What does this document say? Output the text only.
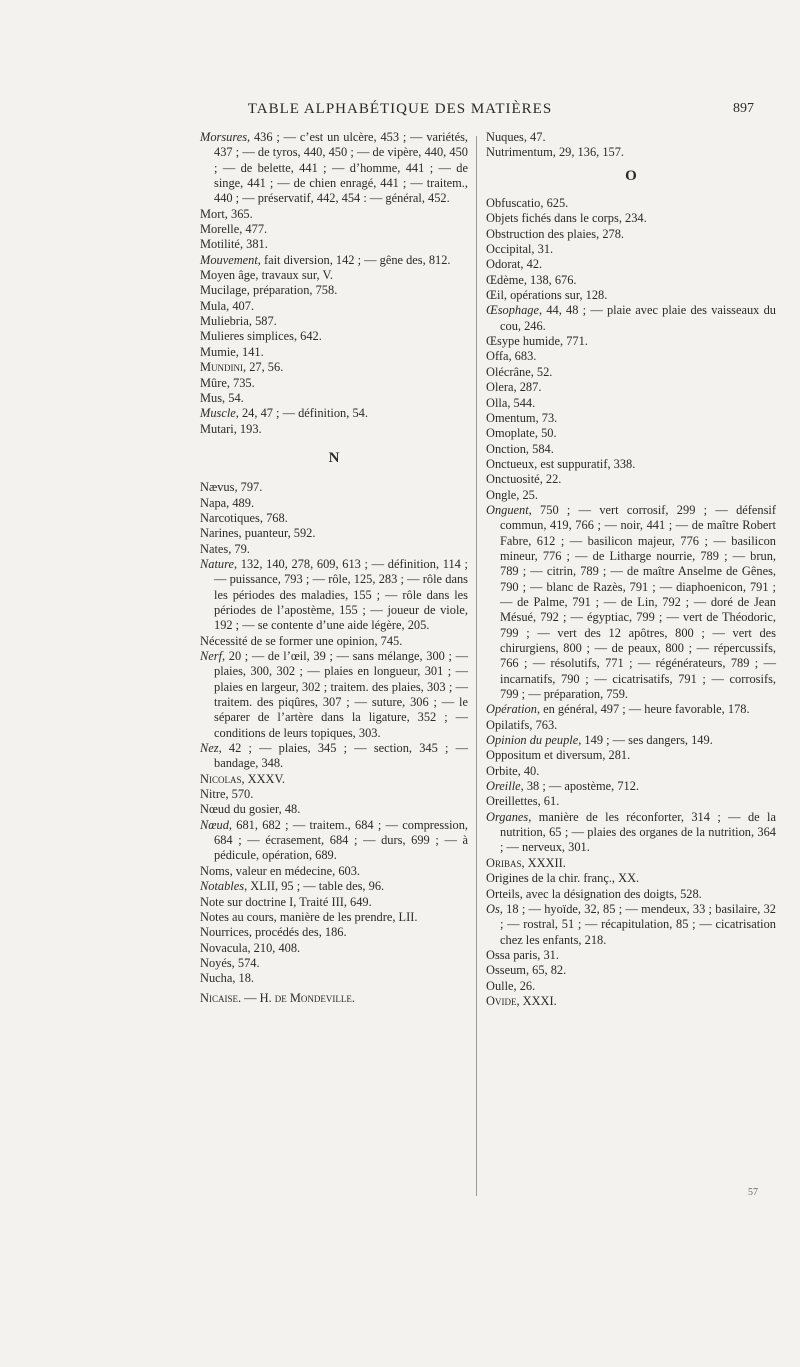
TABLE ALPHABÉTIQUE DES MATIÈRES	897

Morsures, 436 ; — c’est un ulcère, 453 ; — variétés, 437 ; — de tyros, 440, 450 ; — de vipère, 440, 450 ; — de belette, 441 ; — d’homme, 441 ; — de singe, 441 ; — de chien enragé, 441 ; — traitem., 440 ; — préservatif, 442, 454 : — général, 452.

Mort, 365.

Morelle, 477.

Motilité, 381.

Mouvement, fait diversion, 142 ; — gêne des, 812.

Moyen âge, travaux sur, V.

Mucilage, préparation, 758.

Mula, 407.

Muliebria, 587.

Mulieres simplices, 642.

Mumie, 141.

Mundini, 27, 56.

Mûre, 735.

Mus, 54.

Muscle, 24, 47 ; — définition, 54.

Mutari, 193.

N

Nævus, 797.

Napa, 489.

Narcotiques, 768.

Narines, puanteur, 592.

Nates, 79.

Nature, 132, 140, 278, 609, 613 ; — définition, 114 ; — puissance, 793 ; — rôle, 125, 283 ; — rôle dans les périodes des maladies, 155 ; — rôle dans les périodes de l’apostème, 155 ; — joueur de viole, 192 ; — se contente d’une aide légère, 205.

Nécessité de se former une opinion, 745.

Nerf, 20 ; — de l’œil, 39 ; — sans mélange, 300 ; — plaies, 300, 302 ; — plaies en longueur, 301 ; — plaies en largeur, 302 ; traitem. des plaies, 303 ; — traitem. des piqûres, 307 ; — suture, 306 ; — le séparer de l’artère dans la ligature, 352 ; — conditions de leurs topiques, 303.

Nez, 42 ; — plaies, 345 ; — section, 345 ; — bandage, 348.

Nicolas, XXXV.

Nitre, 570.

Nœud du gosier, 48.

Nœud, 681, 682 ; — traitem., 684 ; — compression, 684 ; — écrasement, 684 ; — durs, 699 ; — à pédicule, opération, 689.

Noms, valeur en médecine, 603.

Notables, XLII, 95 ; — table des, 96.

Note sur doctrine I, Traité III, 649.

Notes au cours, manière de les prendre, LII.

Nourrices, procédés des, 186.

Novacula, 210, 408.

Noyés, 574.

Nucha, 18.

Nicaise. — H. de Mondeville.

Nuques, 47.

Nutrimentum, 29, 136, 157.

O

Obfuscatio, 625.

Objets fichés dans le corps, 234.

Obstruction des plaies, 278.

Occipital, 31.

Odorat, 42.

Œdème, 138, 676.

Œil, opérations sur, 128.

Œsophage, 44, 48 ; — plaie avec plaie des vaisseaux du cou, 246.

Œsype humide, 771.

Offa, 683.

Olécrâne, 52.

Olera, 287.

Olla, 544.

Omentum, 73.

Omoplate, 50.

Onction, 584.

Onctueux, est suppuratif, 338.

Onctuosité, 22.

Ongle, 25.

Onguent, 750 ; — vert corrosif, 299 ; — défensif commun, 419, 766 ; — noir, 441 ; — de maître Robert Fabre, 612 ; — basilicon majeur, 776 ; — basilicon mineur, 776 ; — de Litharge nourrie, 789 ; — brun, 789 ; — citrin, 789 ; — de maître Anselme de Gênes, 790 ; — blanc de Razès, 791 ; — diaphoenicon, 791 ; — de Palme, 791 ; — de Lin, 792 ; — doré de Jean Mésué, 792 ; — égyptiac, 799 ; — vert de Théodoric, 799 ; — vert des 12 apôtres, 800 ; — vert des chirurgiens, 800 ; — de peaux, 800 ; — répercussifs, 766 ; — résolutifs, 771 ; — régénérateurs, 789 ; — incarnatifs, 790 ; — cicatrisatifs, 791 ; — corrosifs, 799 ; — préparation, 759.

Opération, en général, 497 ; — heure favorable, 178.

Opilatifs, 763.

Opinion du peuple, 149 ; — ses dangers, 149.

Oppositum et diversum, 281.

Orbite, 40.

Oreille, 38 ; — apostème, 712.

Oreillettes, 61.

Organes, manière de les réconforter, 314 ; — de la nutrition, 65 ; — plaies des organes de la nutrition, 364 ; — nerveux, 301.

Oribas, XXXII.

Origines de la chir. franç., XX.

Orteils, avec la désignation des doigts, 528.

Os, 18 ; — hyoïde, 32, 85 ; — mendeux, 33 ; basilaire, 32 ; — rostral, 51 ; — récapitulation, 85 ; — cicatrisation chez les enfants, 218.

Ossa paris, 31.

Osseum, 65, 82.

Oulle, 26.

Ovide, XXXI.

57
